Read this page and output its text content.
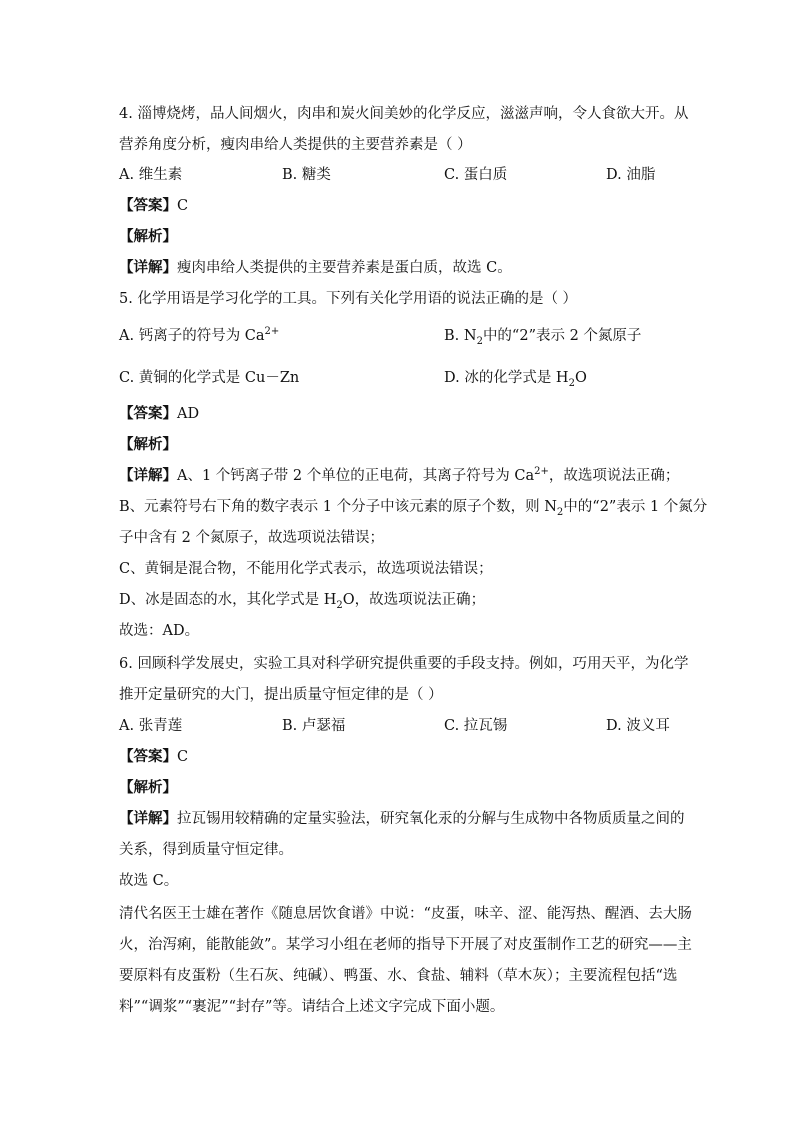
4. 淄博烧烤，品人间烟火，肉串和炭火间美妙的化学反应，滋滋声响，令人食欲大开。从
营养角度分析，瘦肉串给人类提供的主要营养素是（ ）
A. 维生素	B. 糖类	C. 蛋白质	D. 油脂
【答案】C
【解析】
【详解】瘦肉串给人类提供的主要营养素是蛋白质，故选 C。
5. 化学用语是学习化学的工具。下列有关化学用语的说法正确的是（ ）
A. 钙离子的符号为 $Ca^{2+}$	B. $N_2$中的“2”表示 2 个氮原子
C. 黄铜的化学式是 Cu－Zn	D. 冰的化学式是 $H_2O$
【答案】AD
【解析】
【详解】A、1 个钙离子带 2 个单位的正电荷，其离子符号为 $Ca^{2+}$，故选项说法正确；
B、元素符号右下角的数字表示 1 个分子中该元素的原子个数，则 $N_2$中的“2”表示 1 个氮分
子中含有 2 个氮原子，故选项说法错误；
C、黄铜是混合物，不能用化学式表示，故选项说法错误；
D、冰是固态的水，其化学式是 $H_2O$，故选项说法正确；
故选：AD。
6. 回顾科学发展史，实验工具对科学研究提供重要的手段支持。例如，巧用天平，为化学
推开定量研究的大门，提出质量守恒定律的是（ ）
A. 张青莲	B. 卢瑟福	C. 拉瓦锡	D. 波义耳
【答案】C
【解析】
【详解】拉瓦锡用较精确的定量实验法，研究氧化汞的分解与生成物中各物质质量之间的
关系，得到质量守恒定律。
故选 C。
清代名医王士雄在著作《随息居饮食谱》中说：“皮蛋，味辛、涩、能泻热、醒酒、去大肠
火，治泻痢，能散能敛”。某学习小组在老师的指导下开展了对皮蛋制作工艺的研究——主
要原料有皮蛋粉（生石灰、纯碱）、鸭蛋、水、食盐、辅料（草木灰）；主要流程包括“选
料”“调浆”“裹泥”“封存”等。请结合上述文字完成下面小题。
